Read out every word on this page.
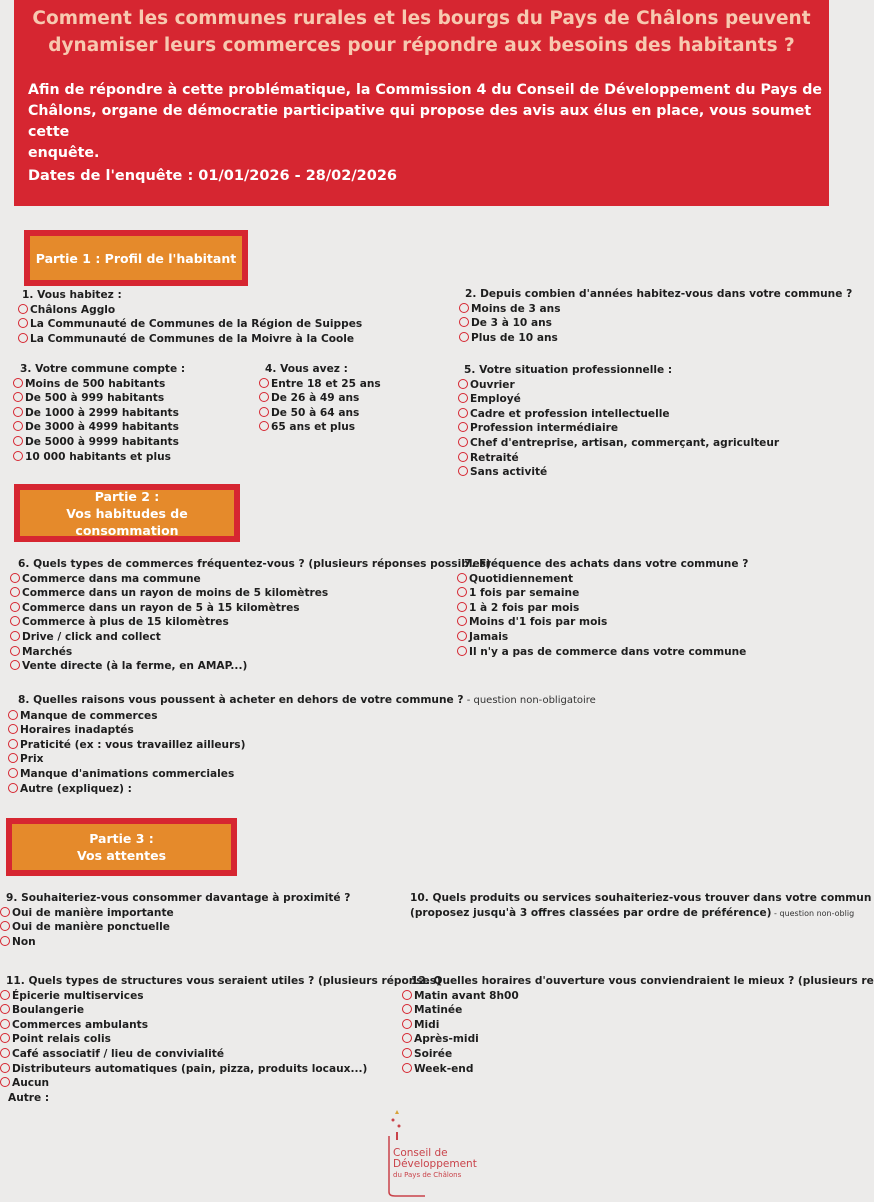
Comment les communes rurales et les bourgs du Pays de Châlons peuvent
dynamiser leurs commerces pour répondre aux besoins des habitants ?
Afin de répondre à cette problématique, la Commission 4 du Conseil de Développement du Pays de
Châlons, organe de démocratie participative qui propose des avis aux élus en place, vous soumet cette
enquête.
Dates de l'enquête : 01/01/2026 - 28/02/2026
Partie 1 : Profil de l'habitant
1. Vous habitez :
Châlons Agglo
La Communauté de Communes de la Région de Suippes
La Communauté de Communes de la Moivre à la Coole
2. Depuis combien d'années habitez-vous dans votre commune ?
Moins de 3 ans
De 3 à 10 ans
Plus de 10 ans
3. Votre commune compte :
Moins de 500 habitants
De 500 à 999 habitants
De 1000 à 2999 habitants
De 3000 à 4999 habitants
De 5000 à 9999 habitants
10 000 habitants et plus
4. Vous avez :
Entre 18 et 25 ans
De 26 à 49 ans
De 50 à 64 ans
65 ans et plus
5. Votre situation professionnelle :
Ouvrier
Employé
Cadre et profession intellectuelle
Profession intermédiaire
Chef d'entreprise, artisan, commerçant, agriculteur
Retraité
Sans activité
Partie 2 :
Vos habitudes de consommation
6. Quels types de commerces fréquentez-vous ? (plusieurs réponses possibles)
Commerce dans ma commune
Commerce dans un rayon de moins de 5 kilomètres
Commerce dans un rayon de 5 à 15 kilomètres
Commerce à plus de 15 kilomètres
Drive / click and collect
Marchés
Vente directe (à la ferme, en AMAP...)
7. Fréquence des achats dans votre commune ?
Quotidiennement
1 fois par semaine
1 à 2 fois par mois
Moins d'1 fois par mois
Jamais
Il n'y a pas de commerce dans votre commune
8. Quelles raisons vous poussent à acheter en dehors de votre commune ? - question non-obligatoire
Manque de commerces
Horaires inadaptés
Praticité (ex : vous travaillez ailleurs)
Prix
Manque d'animations commerciales
Autre (expliquez) :
Partie 3 :
Vos attentes
9. Souhaiteriez-vous consommer davantage à proximité ?
Oui de manière importante
Oui de manière ponctuelle
Non
10. Quels produits ou services souhaiteriez-vous trouver dans votre commun
(proposez jusqu'à 3 offres classées par ordre de préférence) - question non-oblig
11. Quels types de structures vous seraient utiles ? (plusieurs réponses)
Épicerie multiservices
Boulangerie
Commerces ambulants
Point relais colis
Café associatif / lieu de convivialité
Distributeurs automatiques (pain, pizza, produits locaux...)
Aucun
Autre :
12. Quelles horaires d'ouverture vous conviendraient le mieux ? (plusieurs re
Matin avant 8h00
Matinée
Midi
Après-midi
Soirée
Week-end
Conseil de
Développement
du Pays de Châlons
